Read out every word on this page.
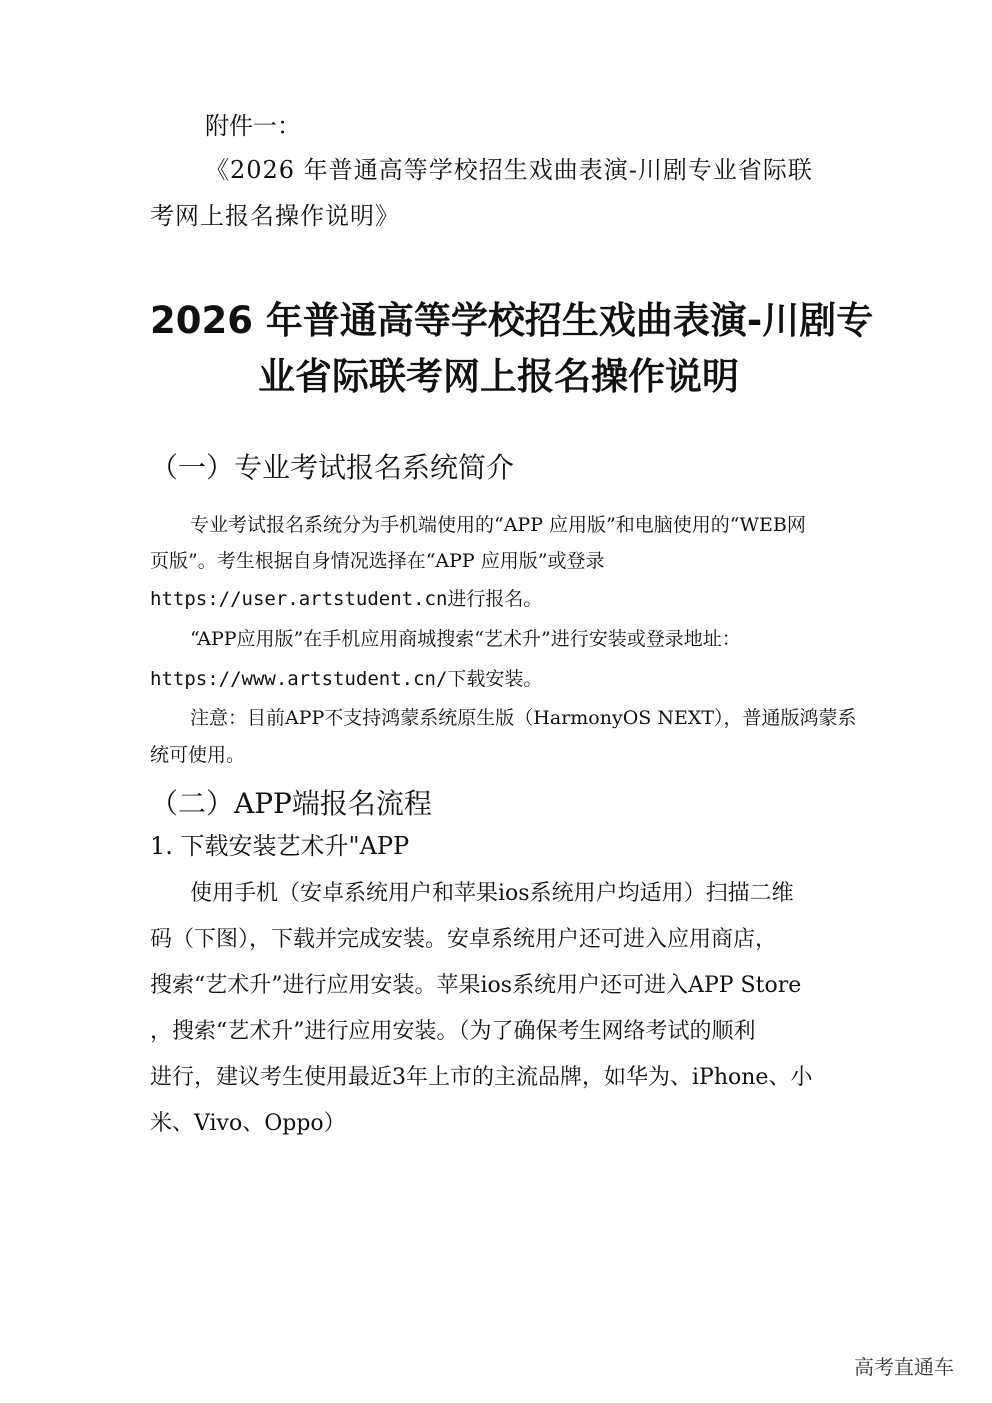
附件一：

《2026 年普通高等学校招生戏曲表演-川剧专业省际联

考网上报名操作说明》

2026 年普通高等学校招生戏曲表演-川剧专
业省际联考网上报名操作说明
（一）专业考试报名系统简介

专业考试报名系统分为手机端使用的“APP 应用版”和电脑使用的“WEB网

页版”。考生根据自身情况选择在“APP 应用版”或登录

https://user.artstudent.cn进行报名。

“APP应用版”在手机应用商城搜索“艺术升”进行安装或登录地址：

https://www.artstudent.cn/下载安装。

注意：目前APP不支持鸿蒙系统原生版（HarmonyOS NEXT），普通版鸿蒙系

统可使用。

（二）APP端报名流程
1. 下载安装艺术升"APP

使用手机（安卓系统用户和苹果ios系统用户均适用）扫描二维

码（下图），下载并完成安装。安卓系统用户还可进入应用商店，

搜索“艺术升”进行应用安装。苹果ios系统用户还可进入APP Store

，搜索“艺术升”进行应用安装。（为了确保考生网络考试的顺利

进行，建议考生使用最近3年上市的主流品牌，如华为、iPhone、小

米、Vivo、Oppo）

高考直通车
